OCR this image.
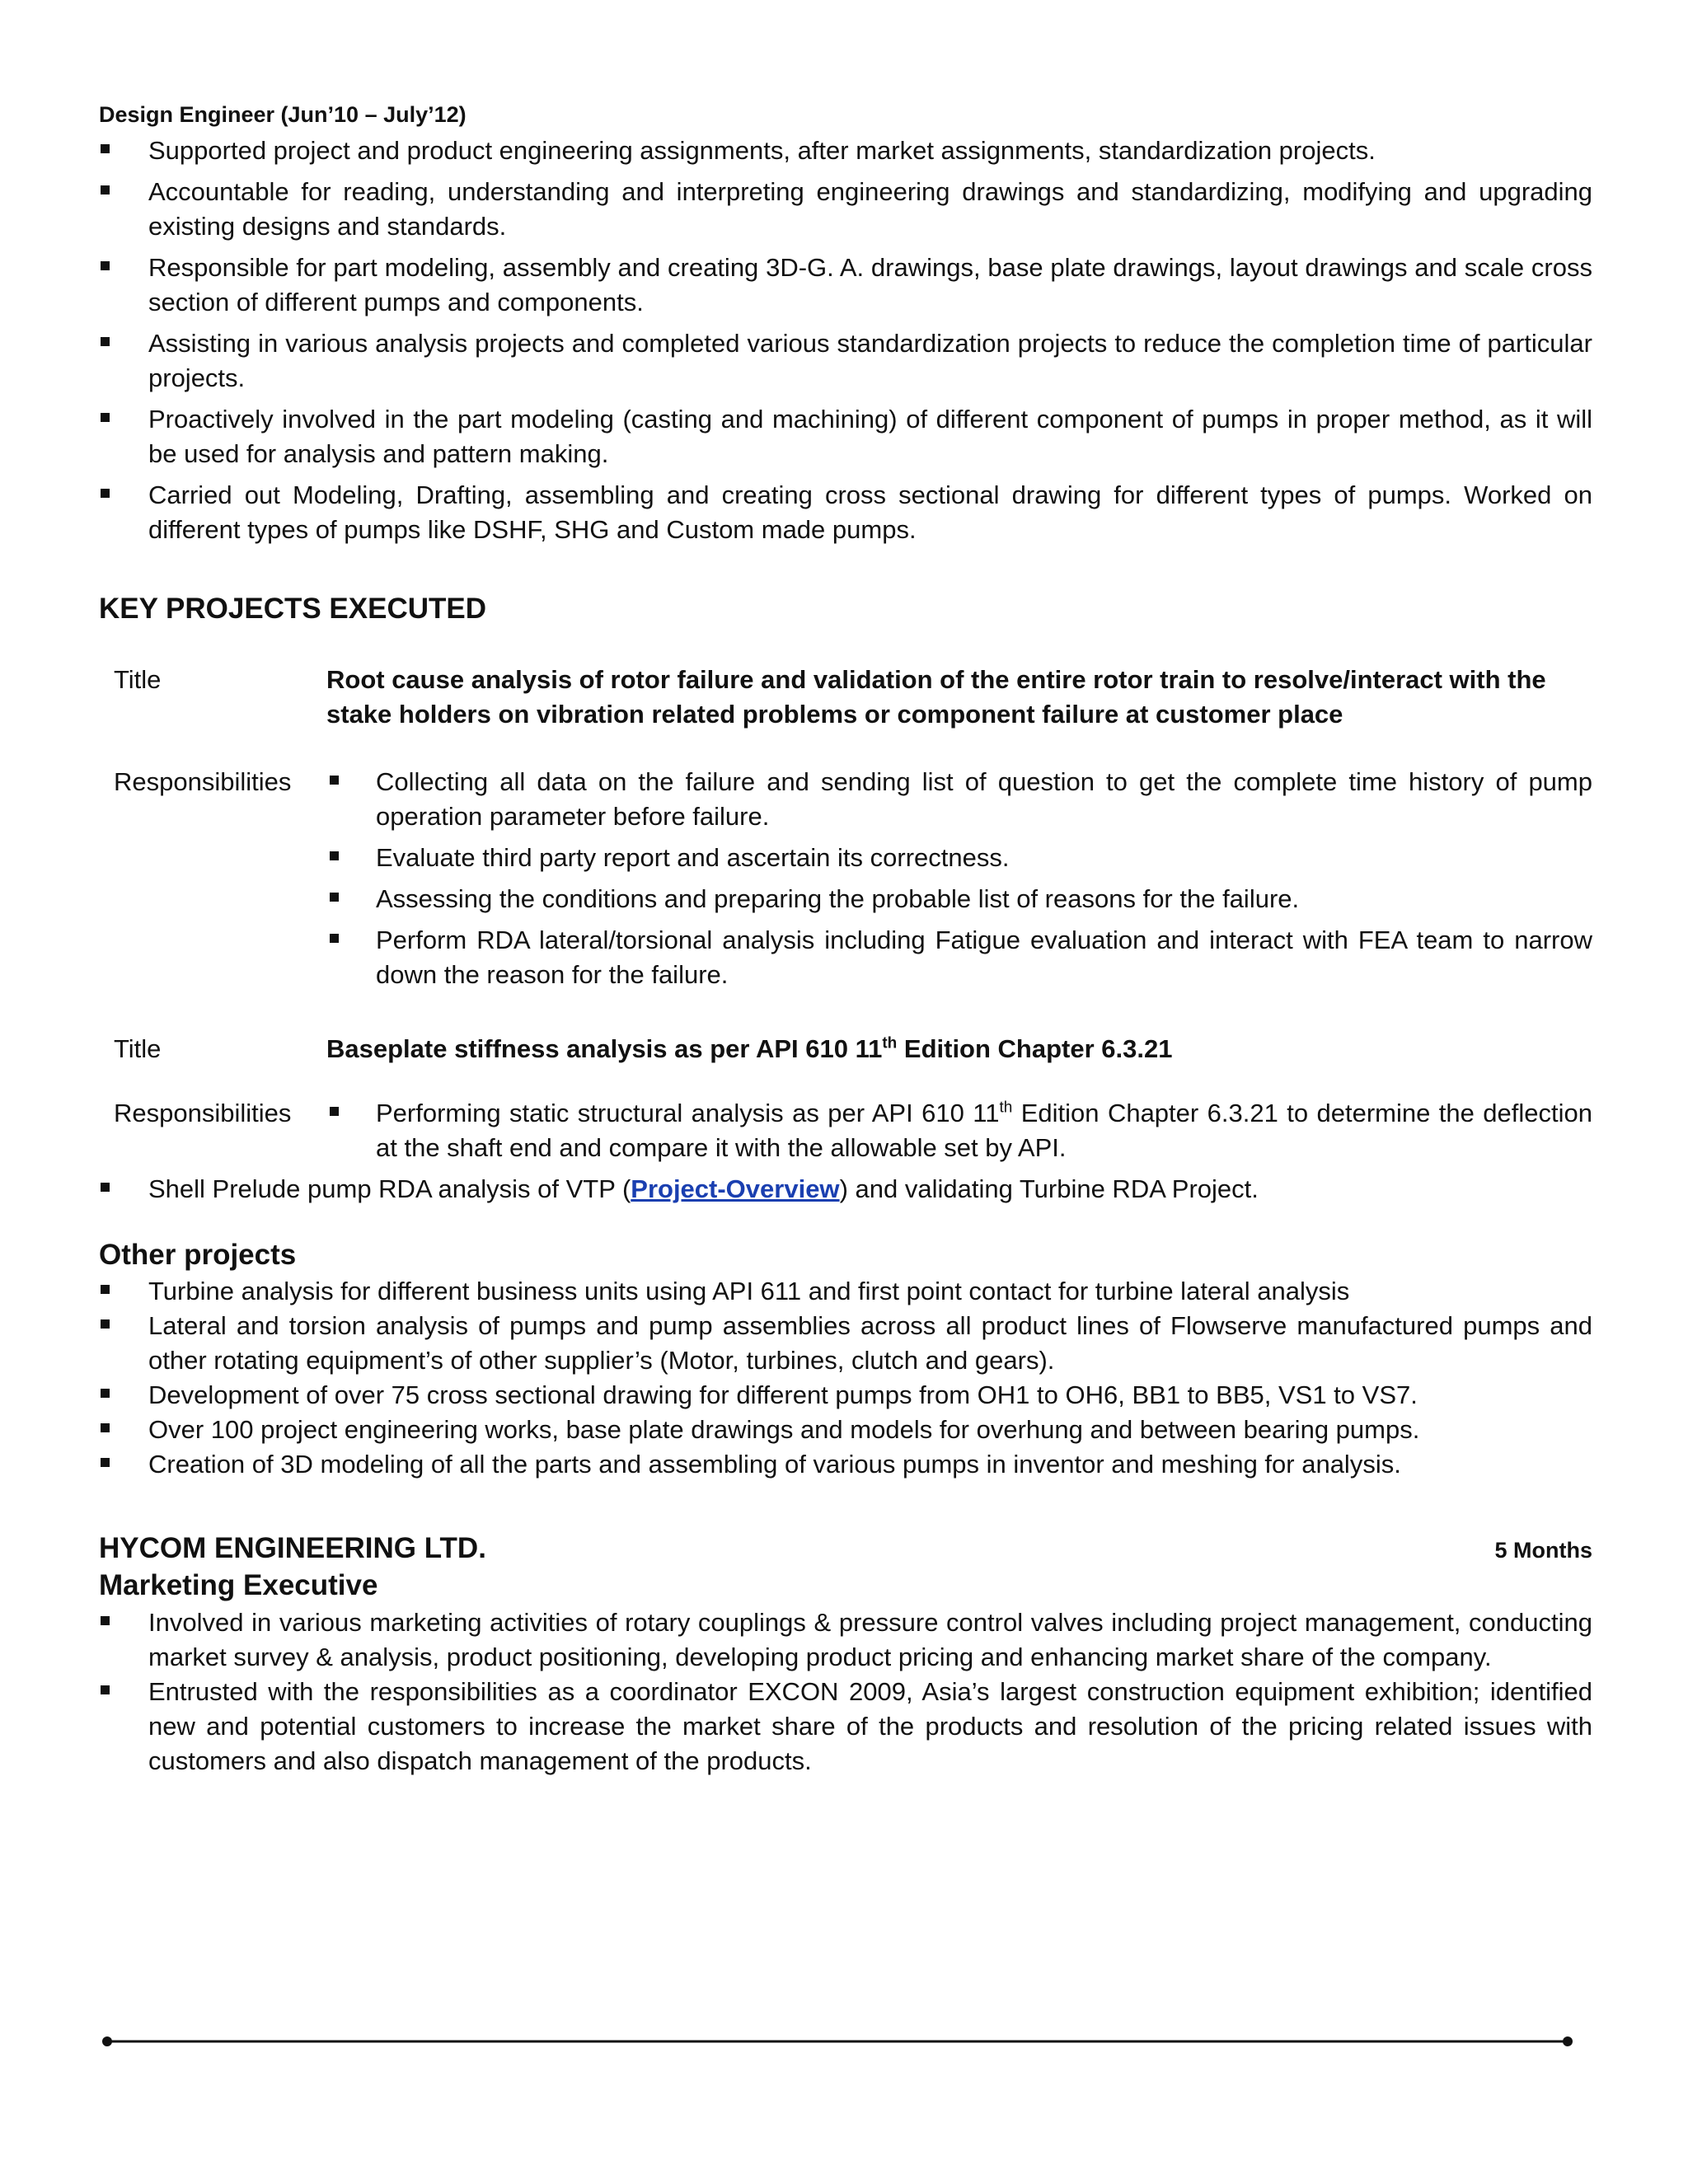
Design Engineer (Jun’10 – July’12)

Supported project and product engineering assignments, after market assignments, standardization projects.
Accountable for reading, understanding and interpreting engineering drawings and standardizing, modifying and upgrading existing designs and standards.
Responsible for part modeling, assembly and creating 3D-G. A. drawings, base plate drawings, layout drawings and scale cross section of different pumps and components.
Assisting in various analysis projects and completed various standardization projects to reduce the completion time of particular projects.
Proactively involved in the part modeling (casting and machining) of different component of pumps in proper method, as it will be used for analysis and pattern making.
Carried out Modeling, Drafting, assembling and creating cross sectional drawing for different types of pumps. Worked on different types of pumps like DSHF, SHG and Custom made pumps.
KEY PROJECTS EXECUTED

Title	Root cause analysis of rotor failure and validation of the entire rotor train to resolve/interact with the stake holders on vibration related problems or component failure at customer place

Responsibilities	Collecting all data on the failure and sending list of question to get the complete time history of pump operation parameter before failure.
Evaluate third party report and ascertain its correctness.
Assessing the conditions and preparing the probable list of reasons for the failure.
Perform RDA lateral/torsional analysis including Fatigue evaluation and interact with FEA team to narrow down the reason for the failure.

Title	Baseplate stiffness analysis as per API 610 11th Edition Chapter 6.3.21

Responsibilities	Performing static structural analysis as per API 610 11th Edition Chapter 6.3.21 to determine the deflection at the shaft end and compare it with the allowable set by API.
Shell Prelude pump RDA analysis of VTP (Project-Overview) and validating Turbine RDA Project.
Other projects
Turbine analysis for different business units using API 611 and first point contact for turbine lateral analysis
Lateral and torsion analysis of pumps and pump assemblies across all product lines of Flowserve manufactured pumps and other rotating equipment’s of other supplier’s (Motor, turbines, clutch and gears).
Development of over 75 cross sectional drawing for different pumps from OH1 to OH6, BB1 to BB5, VS1 to VS7.
Over 100 project engineering works, base plate drawings and models for overhung and between bearing pumps.
Creation of 3D modeling of all the parts and assembling of various pumps in inventor and meshing for analysis.
HYCOM ENGINEERING LTD.	5 Months

Marketing Executive

Involved in various marketing activities of rotary couplings & pressure control valves including project management, conducting market survey & analysis, product positioning, developing product pricing and enhancing market share of the company.
Entrusted with the responsibilities as a coordinator EXCON 2009, Asia’s largest construction equipment exhibition; identified new and potential customers to increase the market share of the products and resolution of the pricing related issues with customers and also dispatch management of the products.
